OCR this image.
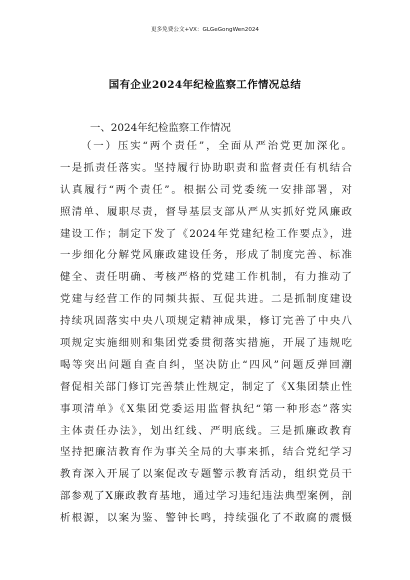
更多免费公文+VX：GLGeGongWen2024
国有企业2024年纪检监察工作情况总结
一、2024年纪检监察工作情况
（一）压实“两个责任”，全面从严治党更加深化。
一是抓责任落实。坚持履行协助职责和监督责任有机结合
认真履行“两个责任”。根据公司党委统一安排部署，对
照清单、履职尽责，督导基层支部从严从实抓好党风廉政
建设工作；制定下发了《2024年党建纪检工作要点》，进
一步细化分解党风廉政建设任务，形成了制度完善、标准
健全、责任明确、考核严格的党建工作机制，有力推动了
党建与经营工作的同频共振、互促共进。二是抓制度建设
持续巩固落实中央八项规定精神成果，修订完善了中央八
项规定实施细则和集团党委贯彻落实措施，开展了违规吃
喝等突出问题自查自纠，坚决防止“四风”问题反弹回潮
督促相关部门修订完善禁止性规定，制定了《X集团禁止性
事项清单》《X集团党委运用监督执纪“第一种形态”落实
主体责任办法》，划出红线、严明底线。三是抓廉政教育
坚持把廉洁教育作为事关全局的大事来抓，结合党纪学习
教育深入开展了以案促改专题警示教育活动，组织党员干
部参观了X廉政教育基地，通过学习违纪违法典型案例，剖
析根源，以案为鉴、警钟长鸣，持续强化了不敢腐的震慑
